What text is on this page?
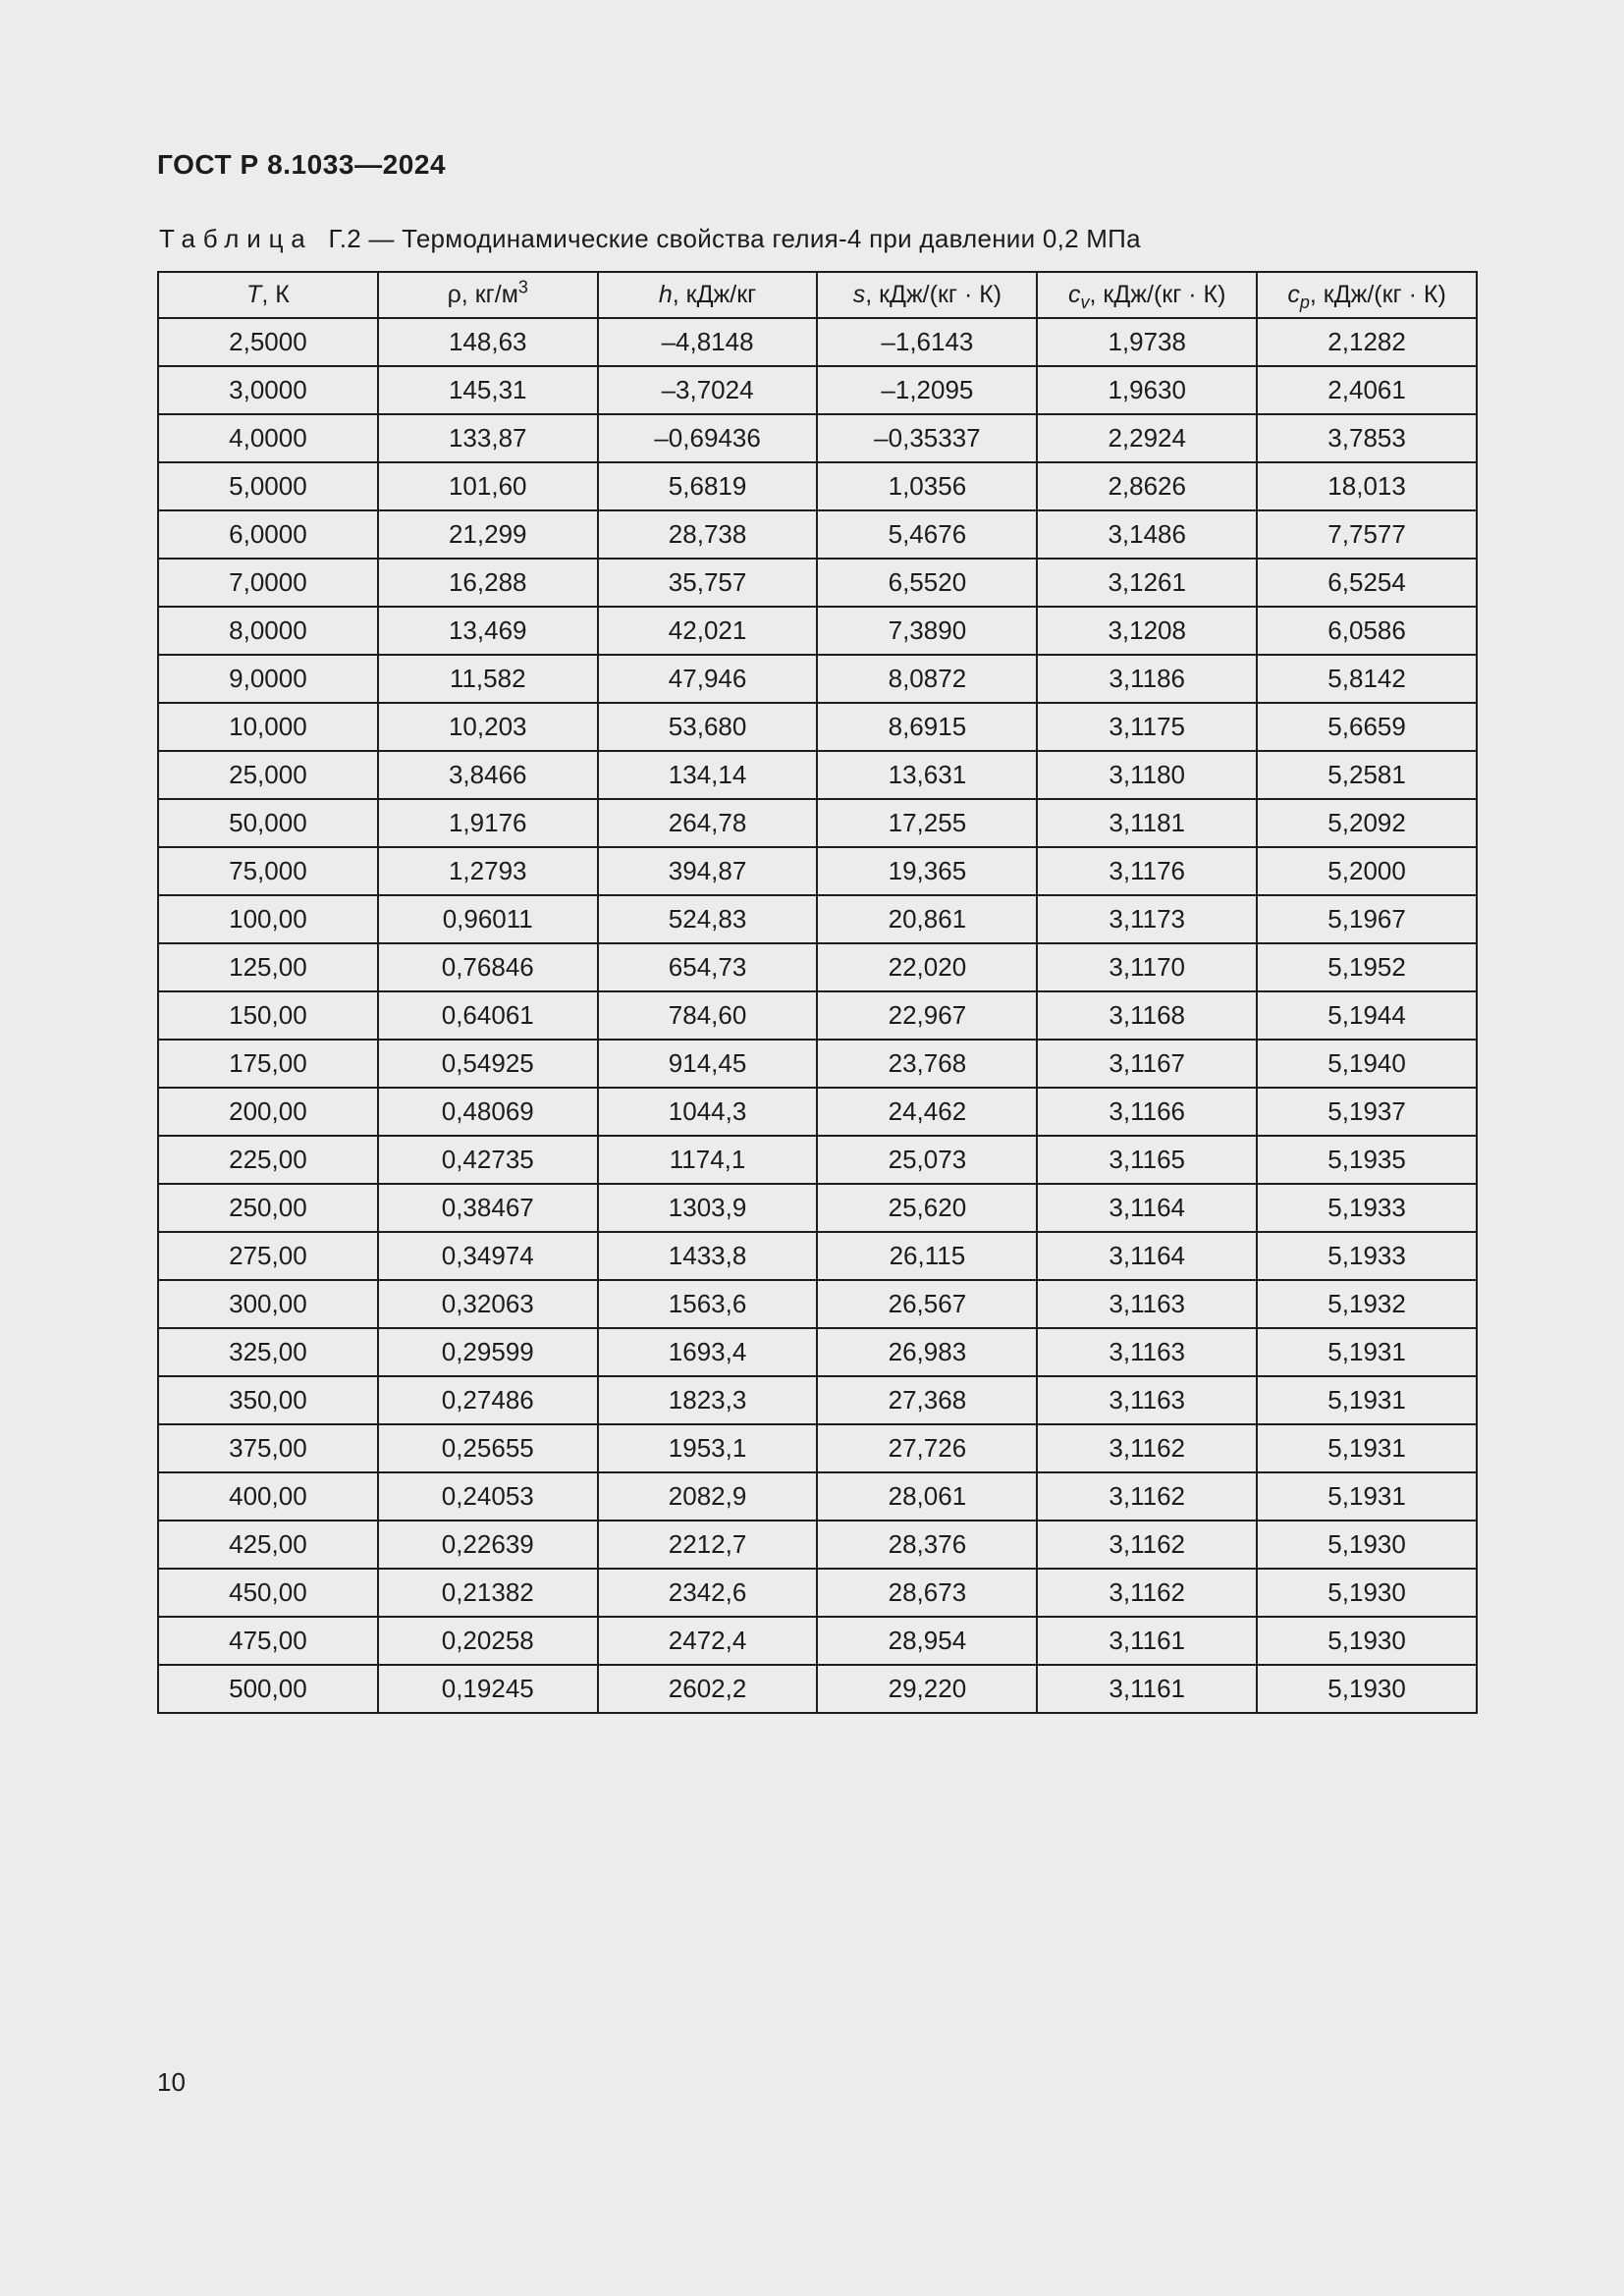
ГОСТ Р 8.1033—2024
Таблица Г.2 — Термодинамические свойства гелия-4 при давлении 0,2 МПа
T, К	ρ, $кг/м^3$	h, кДж/кг	s, кДж/(кг · К)	$c_v$, кДж/(кг · К)	$c_p$, кДж/(кг · К)
2,5000	148,63	–4,8148	–1,6143	1,9738	2,1282
3,0000	145,31	–3,7024	–1,2095	1,9630	2,4061
4,0000	133,87	–0,69436	–0,35337	2,2924	3,7853
5,0000	101,60	5,6819	1,0356	2,8626	18,013
6,0000	21,299	28,738	5,4676	3,1486	7,7577
7,0000	16,288	35,757	6,5520	3,1261	6,5254
8,0000	13,469	42,021	7,3890	3,1208	6,0586
9,0000	11,582	47,946	8,0872	3,1186	5,8142
10,000	10,203	53,680	8,6915	3,1175	5,6659
25,000	3,8466	134,14	13,631	3,1180	5,2581
50,000	1,9176	264,78	17,255	3,1181	5,2092
75,000	1,2793	394,87	19,365	3,1176	5,2000
100,00	0,96011	524,83	20,861	3,1173	5,1967
125,00	0,76846	654,73	22,020	3,1170	5,1952
150,00	0,64061	784,60	22,967	3,1168	5,1944
175,00	0,54925	914,45	23,768	3,1167	5,1940
200,00	0,48069	1044,3	24,462	3,1166	5,1937
225,00	0,42735	1174,1	25,073	3,1165	5,1935
250,00	0,38467	1303,9	25,620	3,1164	5,1933
275,00	0,34974	1433,8	26,115	3,1164	5,1933
300,00	0,32063	1563,6	26,567	3,1163	5,1932
325,00	0,29599	1693,4	26,983	3,1163	5,1931
350,00	0,27486	1823,3	27,368	3,1163	5,1931
375,00	0,25655	1953,1	27,726	3,1162	5,1931
400,00	0,24053	2082,9	28,061	3,1162	5,1931
425,00	0,22639	2212,7	28,376	3,1162	5,1930
450,00	0,21382	2342,6	28,673	3,1162	5,1930
475,00	0,20258	2472,4	28,954	3,1161	5,1930
500,00	0,19245	2602,2	29,220	3,1161	5,1930
10
